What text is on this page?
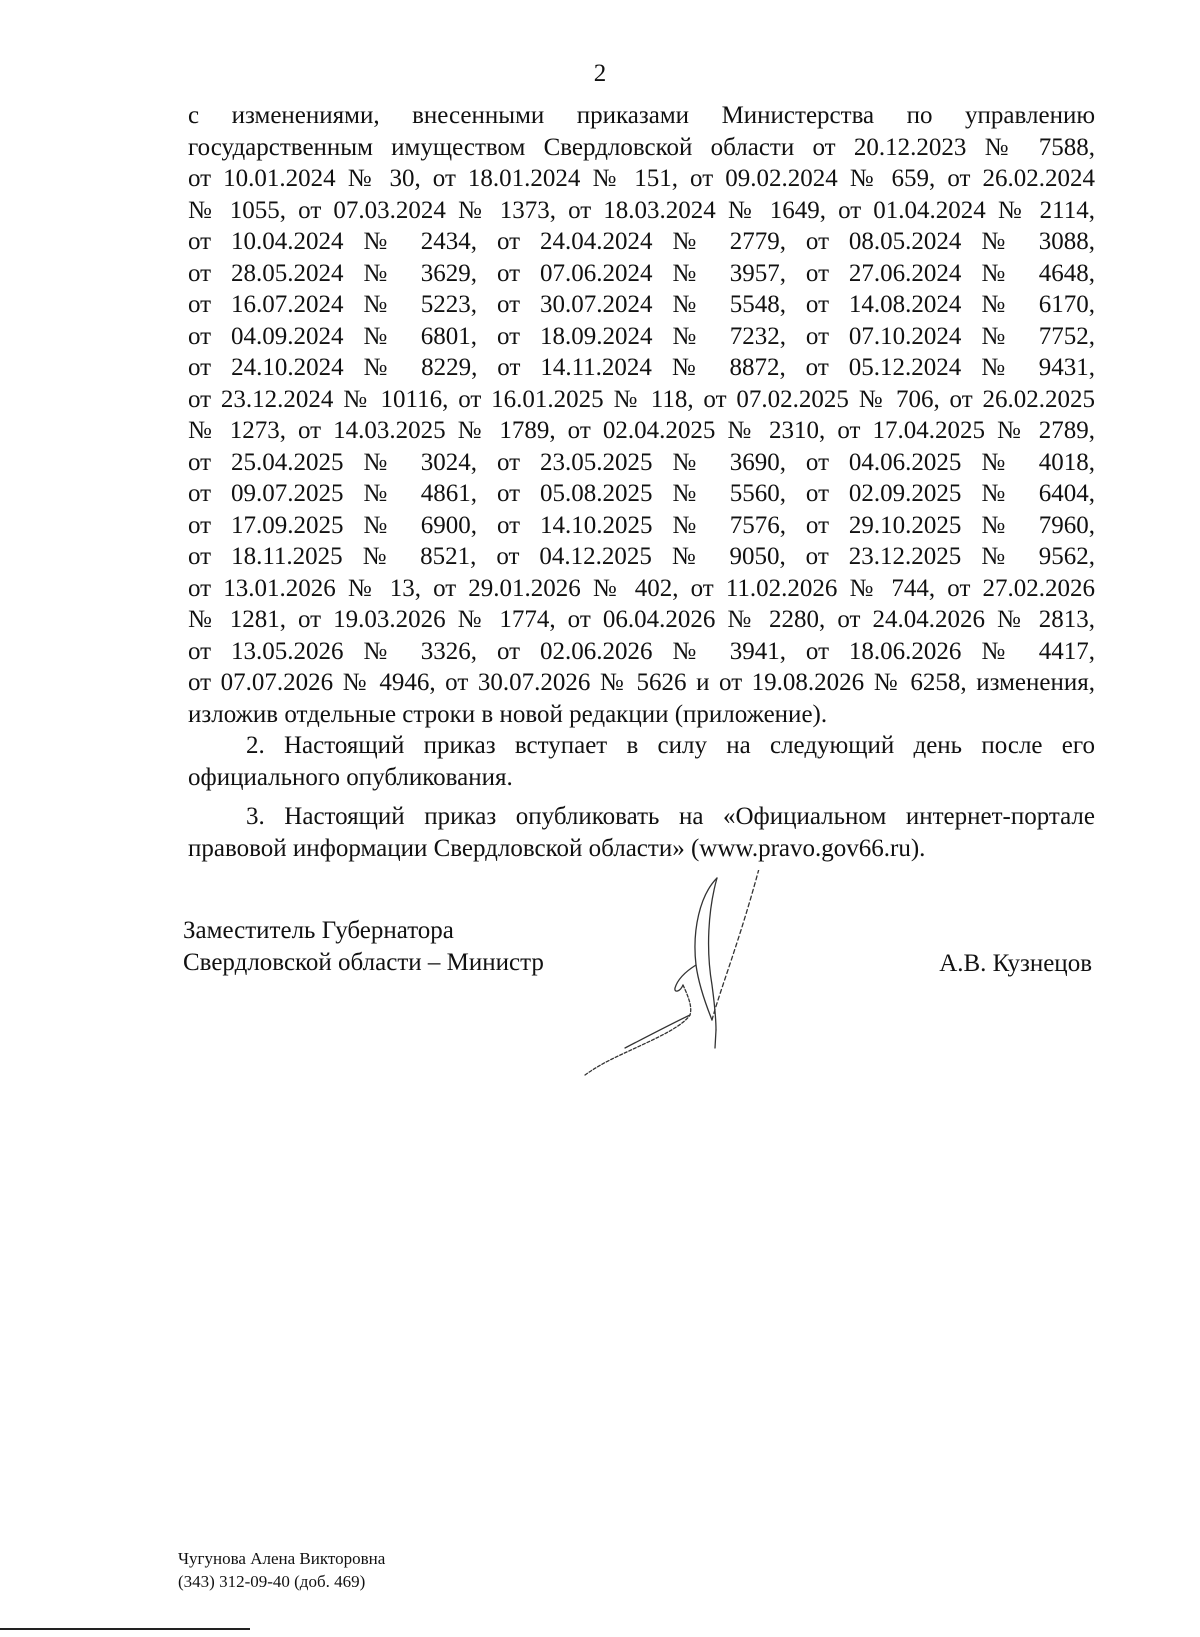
2

с изменениями, внесенными приказами Министерства по управлению
государственным имуществом Свердловской области от 20.12.2023 № 7588,
от 10.01.2024 № 30, от 18.01.2024 № 151, от 09.02.2024 № 659, от 26.02.2024
№ 1055, от 07.03.2024 № 1373, от 18.03.2024 № 1649, от 01.04.2024 № 2114,
от 10.04.2024 № 2434, от 24.04.2024 № 2779, от 08.05.2024 № 3088,
от 28.05.2024 № 3629, от 07.06.2024 № 3957, от 27.06.2024 № 4648,
от 16.07.2024 № 5223, от 30.07.2024 № 5548, от 14.08.2024 № 6170,
от 04.09.2024 № 6801, от 18.09.2024 № 7232, от 07.10.2024 № 7752,
от 24.10.2024 № 8229, от 14.11.2024 № 8872, от 05.12.2024 № 9431,
от 23.12.2024 № 10116, от 16.01.2025 № 118, от 07.02.2025 № 706, от 26.02.2025
№ 1273, от 14.03.2025 № 1789, от 02.04.2025 № 2310, от 17.04.2025 № 2789,
от 25.04.2025 № 3024, от 23.05.2025 № 3690, от 04.06.2025 № 4018,
от 09.07.2025 № 4861, от 05.08.2025 № 5560, от 02.09.2025 № 6404,
от 17.09.2025 № 6900, от 14.10.2025 № 7576, от 29.10.2025 № 7960,
от 18.11.2025 № 8521, от 04.12.2025 № 9050, от 23.12.2025 № 9562,
от 13.01.2026 № 13, от 29.01.2026 № 402, от 11.02.2026 № 744, от 27.02.2026
№ 1281, от 19.03.2026 № 1774, от 06.04.2026 № 2280, от 24.04.2026 № 2813,
от 13.05.2026 № 3326, от 02.06.2026 № 3941, от 18.06.2026 № 4417,
от 07.07.2026 № 4946, от 30.07.2026 № 5626 и от 19.08.2026 № 6258, изменения,
изложив отдельные строки в новой редакции (приложение).

2. Настоящий приказ вступает в силу на следующий день после его
официального опубликования.

3. Настоящий приказ опубликовать на «Официальном интернет-портале
правовой информации Свердловской области» (www.pravo.gov66.ru).

Заместитель Губернатора
Свердловской области – Министр	А.В. Кузнецов
Чугунова Алена Викторовна
(343) 312-09-40 (доб. 469)
